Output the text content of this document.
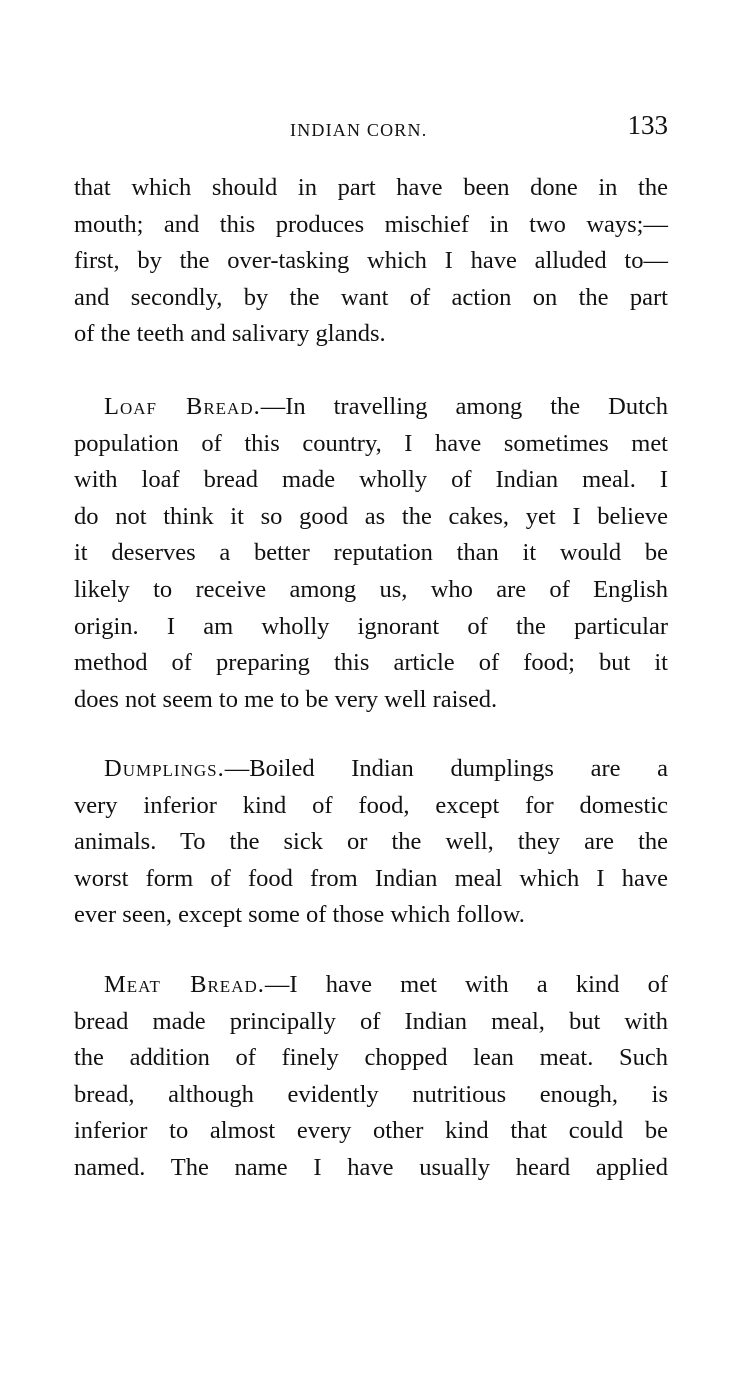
INDIAN CORN.	133
that which should in part have been done in the
mouth; and this produces mischief in two ways;—
first, by the over-tasking which I have alluded to—
and secondly, by the want of action on the part
of the teeth and salivary glands.
Loaf Bread.—In travelling among the Dutch
population of this country, I have sometimes met
with loaf bread made wholly of Indian meal. I
do not think it so good as the cakes, yet I believe
it deserves a better reputation than it would be
likely to receive among us, who are of English
origin. I am wholly ignorant of the particular
method of preparing this article of food; but it
does not seem to me to be very well raised.
Dumplings.—Boiled Indian dumplings are a
very inferior kind of food, except for domestic
animals. To the sick or the well, they are the
worst form of food from Indian meal which I have
ever seen, except some of those which follow.
Meat Bread.—I have met with a kind of
bread made principally of Indian meal, but with
the addition of finely chopped lean meat. Such
bread, although evidently nutritious enough, is
inferior to almost every other kind that could be
named. The name I have usually heard applied
